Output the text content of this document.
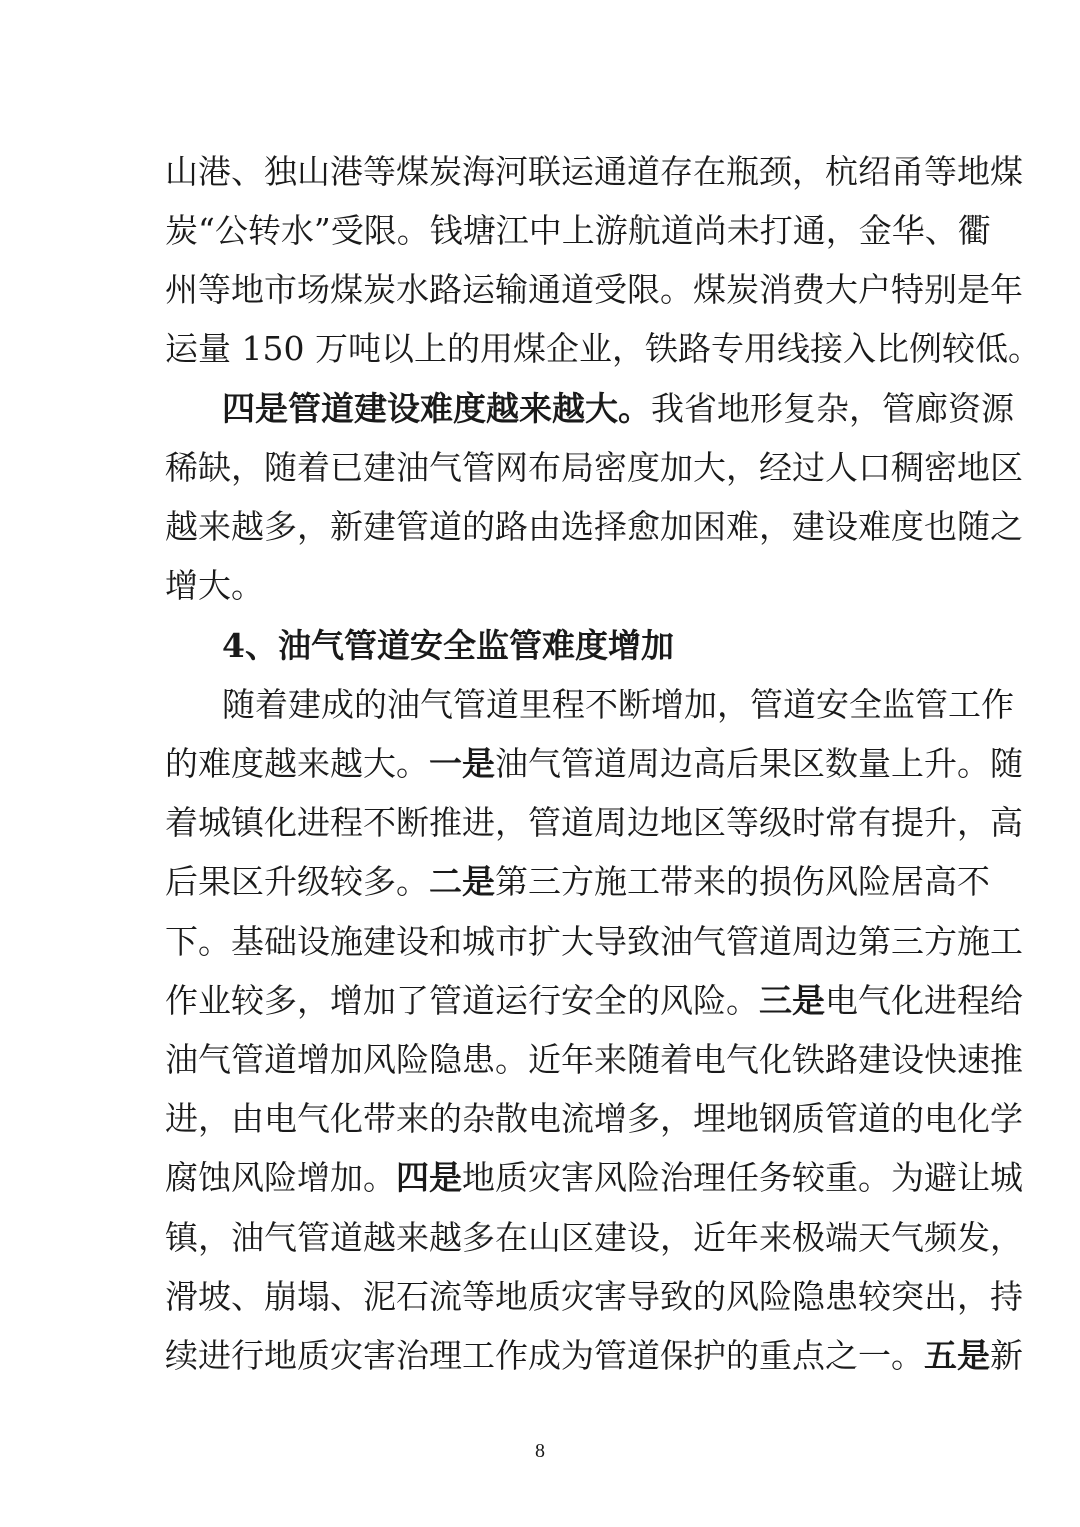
山港、独山港等煤炭海河联运通道存在瓶颈，杭绍甬等地煤
炭“公转水”受限。钱塘江中上游航道尚未打通，金华、衢
州等地市场煤炭水路运输通道受限。煤炭消费大户特别是年
运量 150 万吨以上的用煤企业，铁路专用线接入比例较低。
四是管道建设难度越来越大。我省地形复杂，管廊资源
稀缺，随着已建油气管网布局密度加大，经过人口稠密地区
越来越多，新建管道的路由选择愈加困难，建设难度也随之
增大。
4、油气管道安全监管难度增加
随着建成的油气管道里程不断增加，管道安全监管工作
的难度越来越大。一是油气管道周边高后果区数量上升。随
着城镇化进程不断推进，管道周边地区等级时常有提升，高
后果区升级较多。二是第三方施工带来的损伤风险居高不
下。基础设施建设和城市扩大导致油气管道周边第三方施工
作业较多，增加了管道运行安全的风险。三是电气化进程给
油气管道增加风险隐患。近年来随着电气化铁路建设快速推
进，由电气化带来的杂散电流增多，埋地钢质管道的电化学
腐蚀风险增加。四是地质灾害风险治理任务较重。为避让城
镇，油气管道越来越多在山区建设，近年来极端天气频发，
滑坡、崩塌、泥石流等地质灾害导致的风险隐患较突出，持
续进行地质灾害治理工作成为管道保护的重点之一。五是新
8
